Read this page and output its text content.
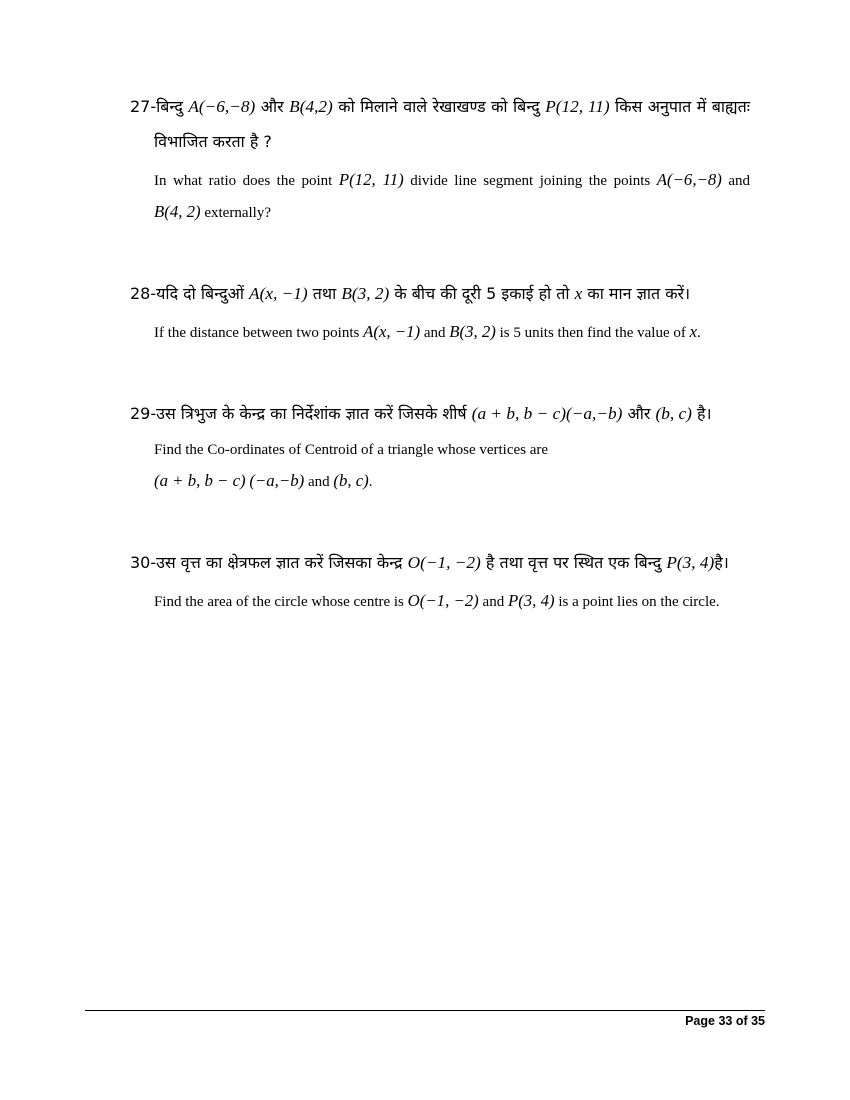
27-बिन्दु A(−6,−8) और B(4,2) को मिलाने वाले रेखाखण्ड को बिन्दु P(12, 11) किस अनुपात में बाह्यतः विभाजित करता है ?
In what ratio does the point P(12, 11) divide line segment joining the points A(−6,−8) and B(4, 2) externally?
28-यदि दो बिन्दुओं A(x, −1) तथा B(3, 2) के बीच की दूरी 5 इकाई हो तो x का मान ज्ञात करें।
If the distance between two points A(x, −1) and B(3, 2) is 5 units then find the value of x.
29-उस त्रिभुज के केन्द्र का निर्देशांक ज्ञात करें जिसके शीर्ष (a + b, b − c)(−a,−b) और (b, c) है।
Find the Co-ordinates of Centroid of a triangle whose vertices are
(a + b, b − c) (−a,−b) and (b, c).
30-उस वृत्त का क्षेत्रफल ज्ञात करें जिसका केन्द्र O(−1, −2) है तथा वृत्त पर स्थित एक बिन्दु P(3, 4)है।
Find the area of the circle whose centre is O(−1, −2) and P(3, 4) is a point lies on the circle.
Page 33 of 35
